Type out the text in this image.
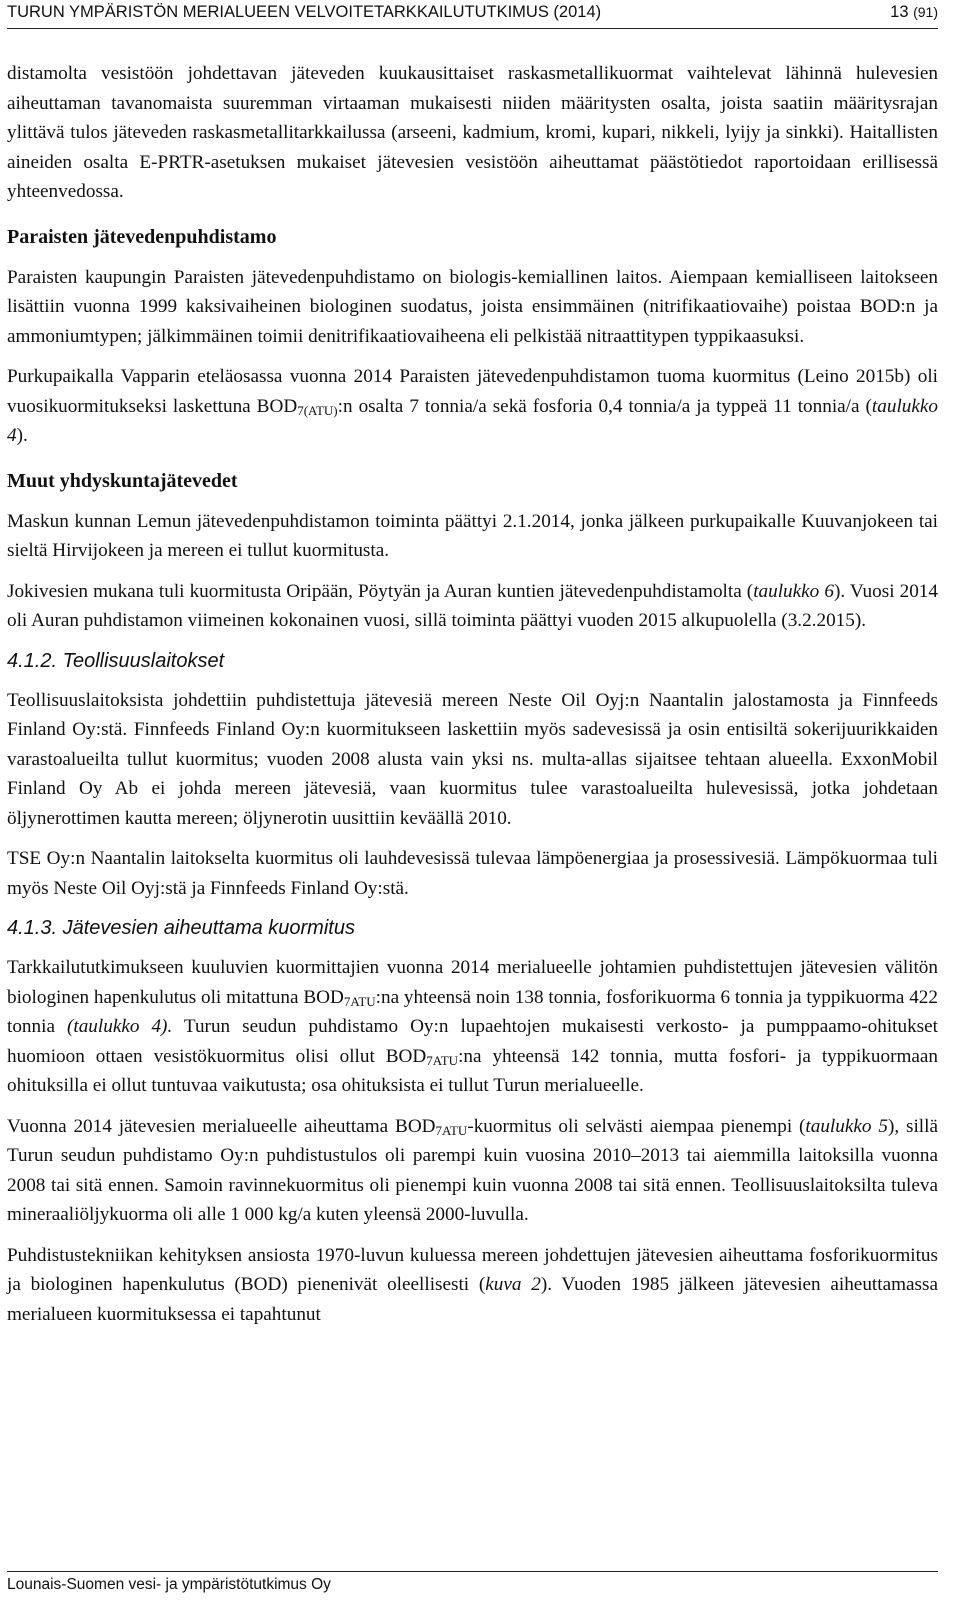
TURUN YMPÄRISTÖN MERIALUEEN VELVOITETARKKAILUTUTKIMUS (2014)	13 (91)

distamolta vesistöön johdettavan jäteveden kuukausittaiset raskasmetallikuormat vaihtelevat lähinnä hulevesien aiheuttaman tavanomaista suuremman virtaaman mukaisesti niiden määritysten osalta, joista saatiin määritysrajan ylittävä tulos jäteveden raskasmetallitarkkailussa (arseeni, kadmium, kromi, kupari, nikkeli, lyijy ja sinkki). Haitallisten aineiden osalta E-PRTR-asetuksen mukaiset jätevesien vesistöön aiheuttamat päästötiedot raportoidaan erillisessä yhteenvedossa.

Paraisten jätevedenpuhdistamo

Paraisten kaupungin Paraisten jätevedenpuhdistamo on biologis-kemiallinen laitos. Aiempaan kemialliseen laitokseen lisättiin vuonna 1999 kaksivaiheinen biologinen suodatus, joista ensimmäinen (nitrifikaatiovaihe) poistaa BOD:n ja ammoniumtypen; jälkimmäinen toimii denitrifikaatiovaiheena eli pelkistää nitraattitypen typpikaasuksi.

Purkupaikalla Vapparin eteläosassa vuonna 2014 Paraisten jätevedenpuhdistamon tuoma kuormitus (Leino 2015b) oli vuosikuormitukseksi laskettuna $BOD_{7(ATU)}:n$ osalta 7 tonnia/a sekä fosforia 0,4 tonnia/a ja typpeä 11 tonnia/a (taulukko 4).

Muut yhdyskuntajätevedet

Maskun kunnan Lemun jätevedenpuhdistamon toiminta päättyi 2.1.2014, jonka jälkeen purkupaikalle Kuuvanjokeen tai sieltä Hirvijokeen ja mereen ei tullut kuormitusta.

Jokivesien mukana tuli kuormitusta Oripään, Pöytyän ja Auran kuntien jätevedenpuhdistamolta (taulukko 6). Vuosi 2014 oli Auran puhdistamon viimeinen kokonainen vuosi, sillä toiminta päättyi vuoden 2015 alkupuolella (3.2.2015).

4.1.2. Teollisuuslaitokset

Teollisuuslaitoksista johdettiin puhdistettuja jätevesiä mereen Neste Oil Oyj:n Naantalin jalostamosta ja Finnfeeds Finland Oy:stä. Finnfeeds Finland Oy:n kuormitukseen laskettiin myös sadevesissä ja osin entisiltä sokerijuurikkaiden varastoalueilta tullut kuormitus; vuoden 2008 alusta vain yksi ns. multa-allas sijaitsee tehtaan alueella. ExxonMobil Finland Oy Ab ei johda mereen jätevesiä, vaan kuormitus tulee varastoalueilta hulevesissä, jotka johdetaan öljynerottimen kautta mereen; öljynerotin uusittiin keväällä 2010.

TSE Oy:n Naantalin laitokselta kuormitus oli lauhdevesissä tulevaa lämpöenergiaa ja prosessivesiä. Lämpökuormaa tuli myös Neste Oil Oyj:stä ja Finnfeeds Finland Oy:stä.

4.1.3. Jätevesien aiheuttama kuormitus

Tarkkailututkimukseen kuuluvien kuormittajien vuonna 2014 merialueelle johtamien puhdistettujen jätevesien välitön biologinen hapenkulutus oli mitattuna $BOD_{7ATU}:na$ yhteensä noin 138 tonnia, fosforikuorma 6 tonnia ja typpikuorma 422 tonnia (taulukko 4). Turun seudun puhdistamo Oy:n lupaehtojen mukaisesti verkosto- ja pumppaamo-ohitukset huomioon ottaen vesistökuormitus olisi ollut $BOD_{7ATU}:na$ yhteensä 142 tonnia, mutta fosfori- ja typpikuormaan ohituksilla ei ollut tuntuvaa vaikutusta; osa ohituksista ei tullut Turun merialueelle.

Vuonna 2014 jätevesien merialueelle aiheuttama $BOD_{7ATU}$-kuormitus oli selvästi aiempaa pienempi (taulukko 5), sillä Turun seudun puhdistamo Oy:n puhdistustulos oli parempi kuin vuosina 2010–2013 tai aiemmilla laitoksilla vuonna 2008 tai sitä ennen. Samoin ravinnekuormitus oli pienempi kuin vuonna 2008 tai sitä ennen. Teollisuuslaitoksilta tuleva mineraaliöljykuorma oli alle 1 000 kg/a kuten yleensä 2000-luvulla.

Puhdistustekniikan kehityksen ansiosta 1970-luvun kuluessa mereen johdettujen jätevesien aiheuttama fosforikuormitus ja biologinen hapenkulutus (BOD) pienenivät oleellisesti (kuva 2). Vuoden 1985 jälkeen jätevesien aiheuttamassa merialueen kuormituksessa ei tapahtunut

Lounais-Suomen vesi- ja ympäristötutkimus Oy
